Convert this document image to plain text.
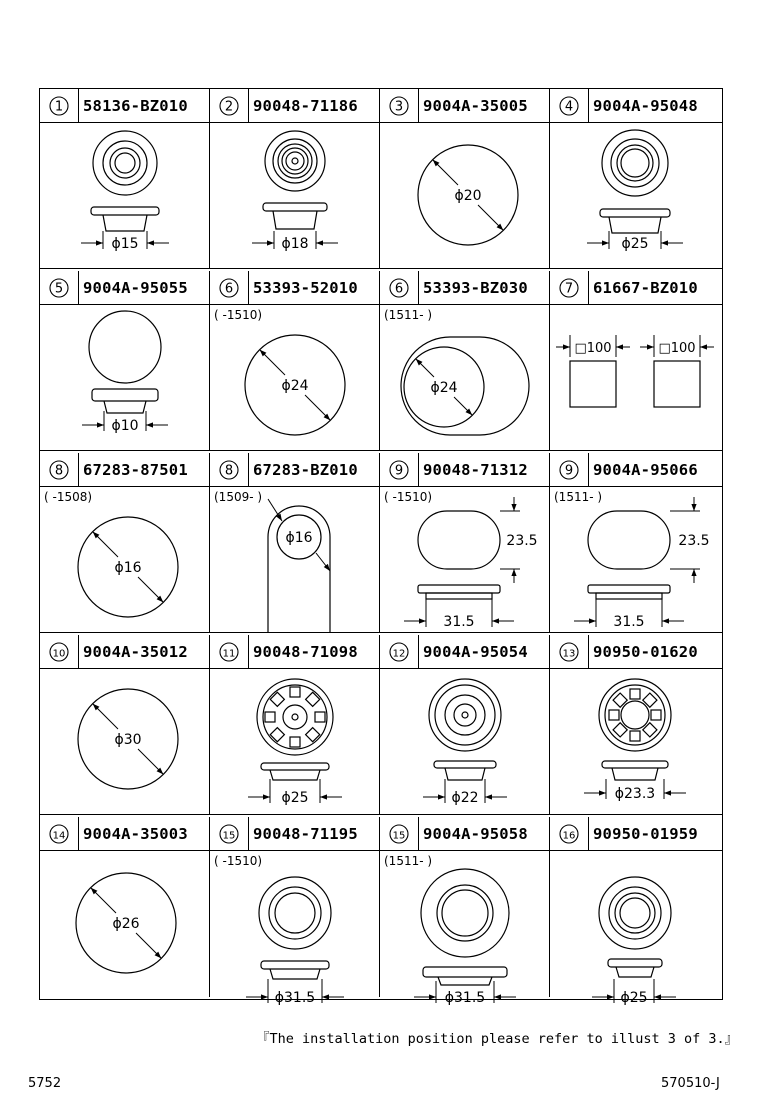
1 58136-BZ010
ϕ15
2 90048-71186
ϕ18
3 9004A-35005
ϕ20
4 9004A-95048
ϕ25
5 9004A-95055
ϕ10
6 53393-52010
( -1510)
ϕ24
6 53393-BZ030
(1511- )
ϕ24
7 61667-BZ010
□100	□100
8 67283-87501
( -1508)
ϕ16
8 67283-BZ010
(1509- )
ϕ16
9 90048-71312
( -1510)
23.5
31.5
9 9004A-95066
(1511- )
23.5
31.5
10 9004A-35012
ϕ30
11 90048-71098
ϕ25
12 9004A-95054
ϕ22
13 90950-01620
ϕ23.3
14 9004A-35003
ϕ26
15 90048-71195
( -1510)
ϕ31.5
15 9004A-95058
(1511- )
ϕ31.5
16 90950-01959
ϕ25
『The installation position please refer to illust 3 of 3.』
5752	570510-J
